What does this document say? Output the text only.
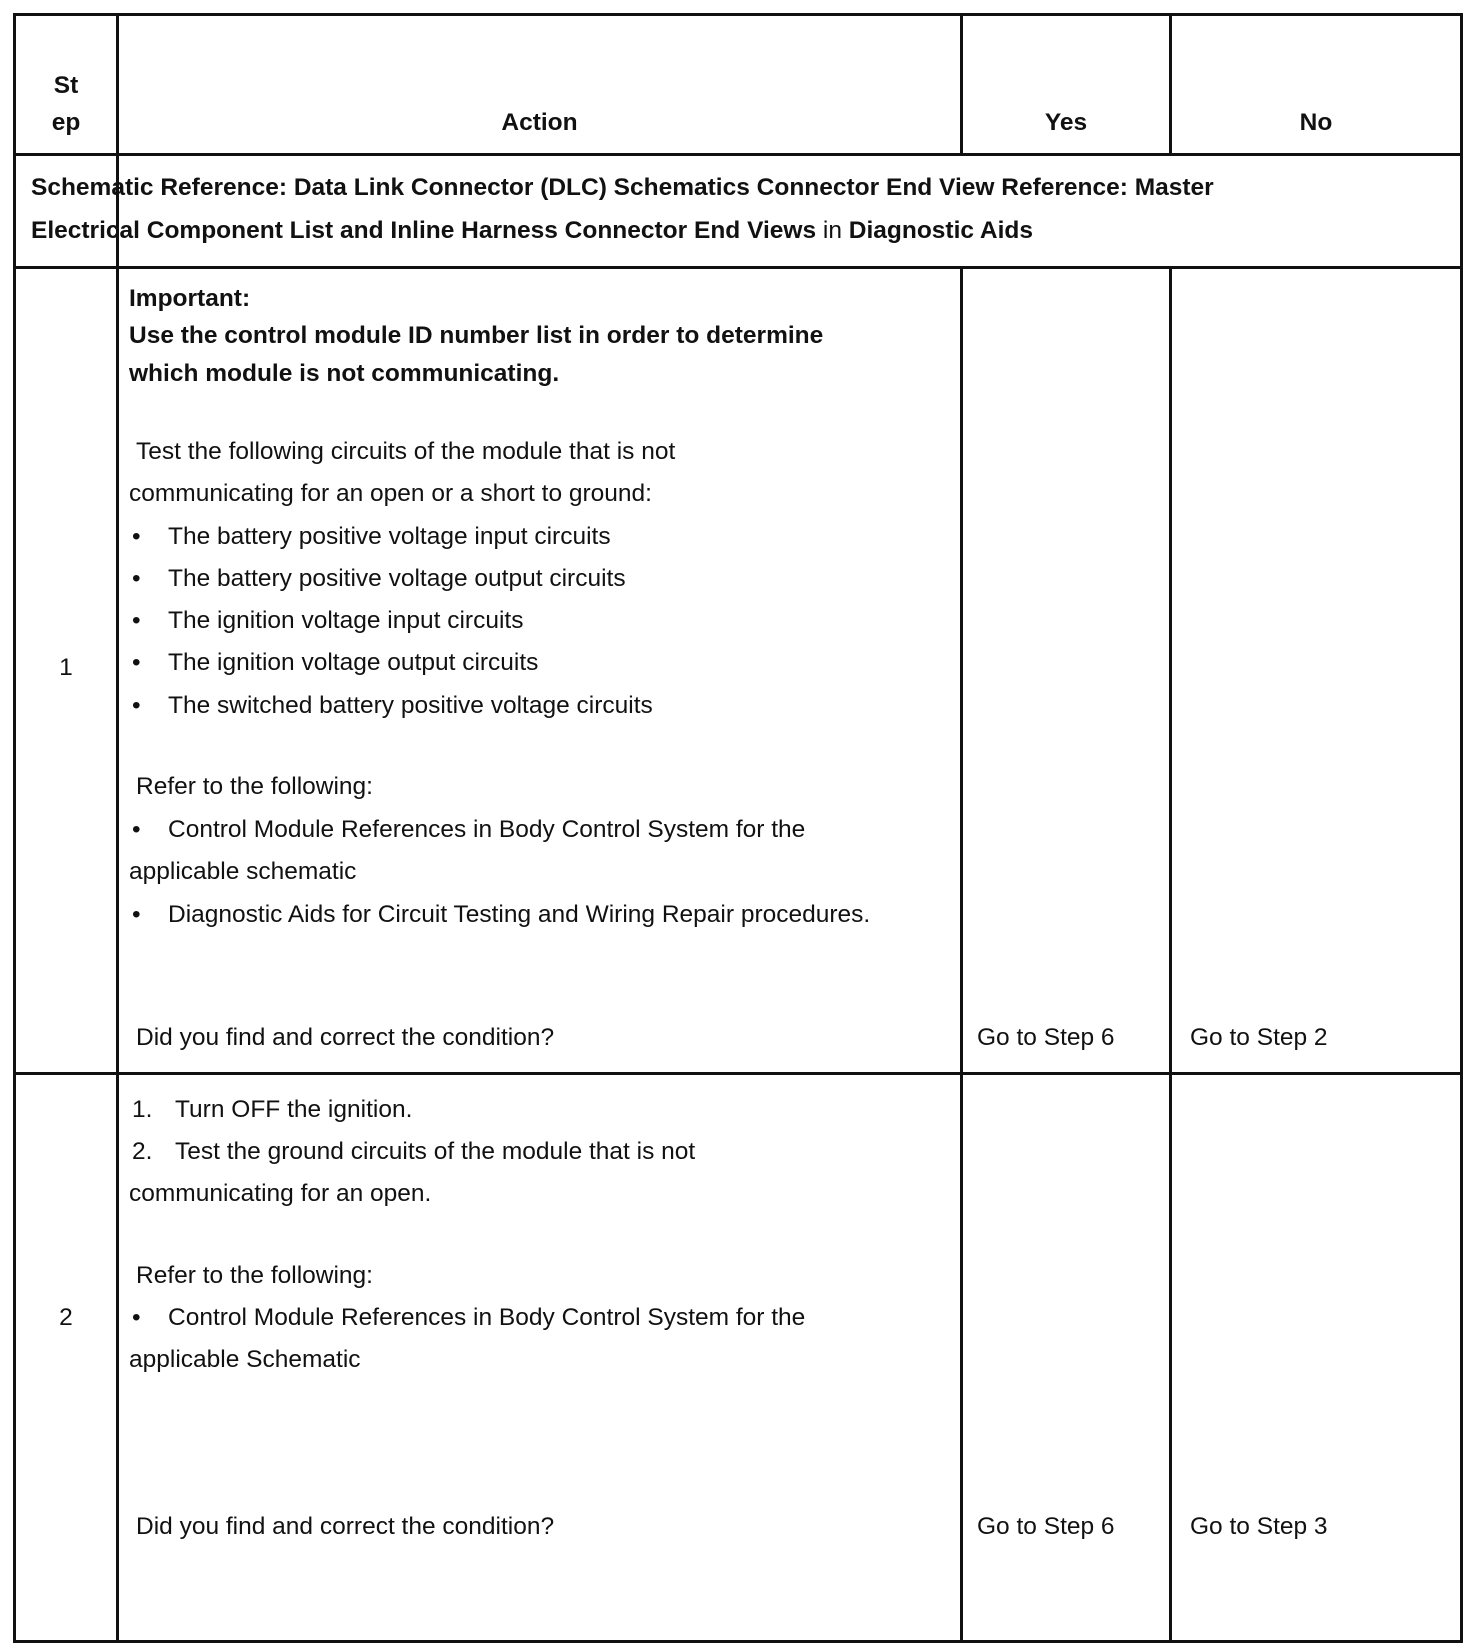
St
ep	Action	Yes	No
Schematic Reference: Data Link Connector (DLC) Schematics Connector End View Reference: Master
Electrical Component List and Inline Harness Connector End Views in Diagnostic Aids
1
Important:
Use the control module ID number list in order to determine
which module is not communicating.
Test the following circuits of the module that is not
communicating for an open or a short to ground:
• The battery positive voltage input circuits
• The battery positive voltage output circuits
• The ignition voltage input circuits
• The ignition voltage output circuits
• The switched battery positive voltage circuits
Refer to the following:
• Control Module References in Body Control System for the
applicable schematic
• Diagnostic Aids for Circuit Testing and Wiring Repair procedures.
Did you find and correct the condition?	Go to Step 6	Go to Step 2
2
1. Turn OFF the ignition.
2. Test the ground circuits of the module that is not
communicating for an open.
Refer to the following:
• Control Module References in Body Control System for the
applicable Schematic
Did you find and correct the condition?	Go to Step 6	Go to Step 3
